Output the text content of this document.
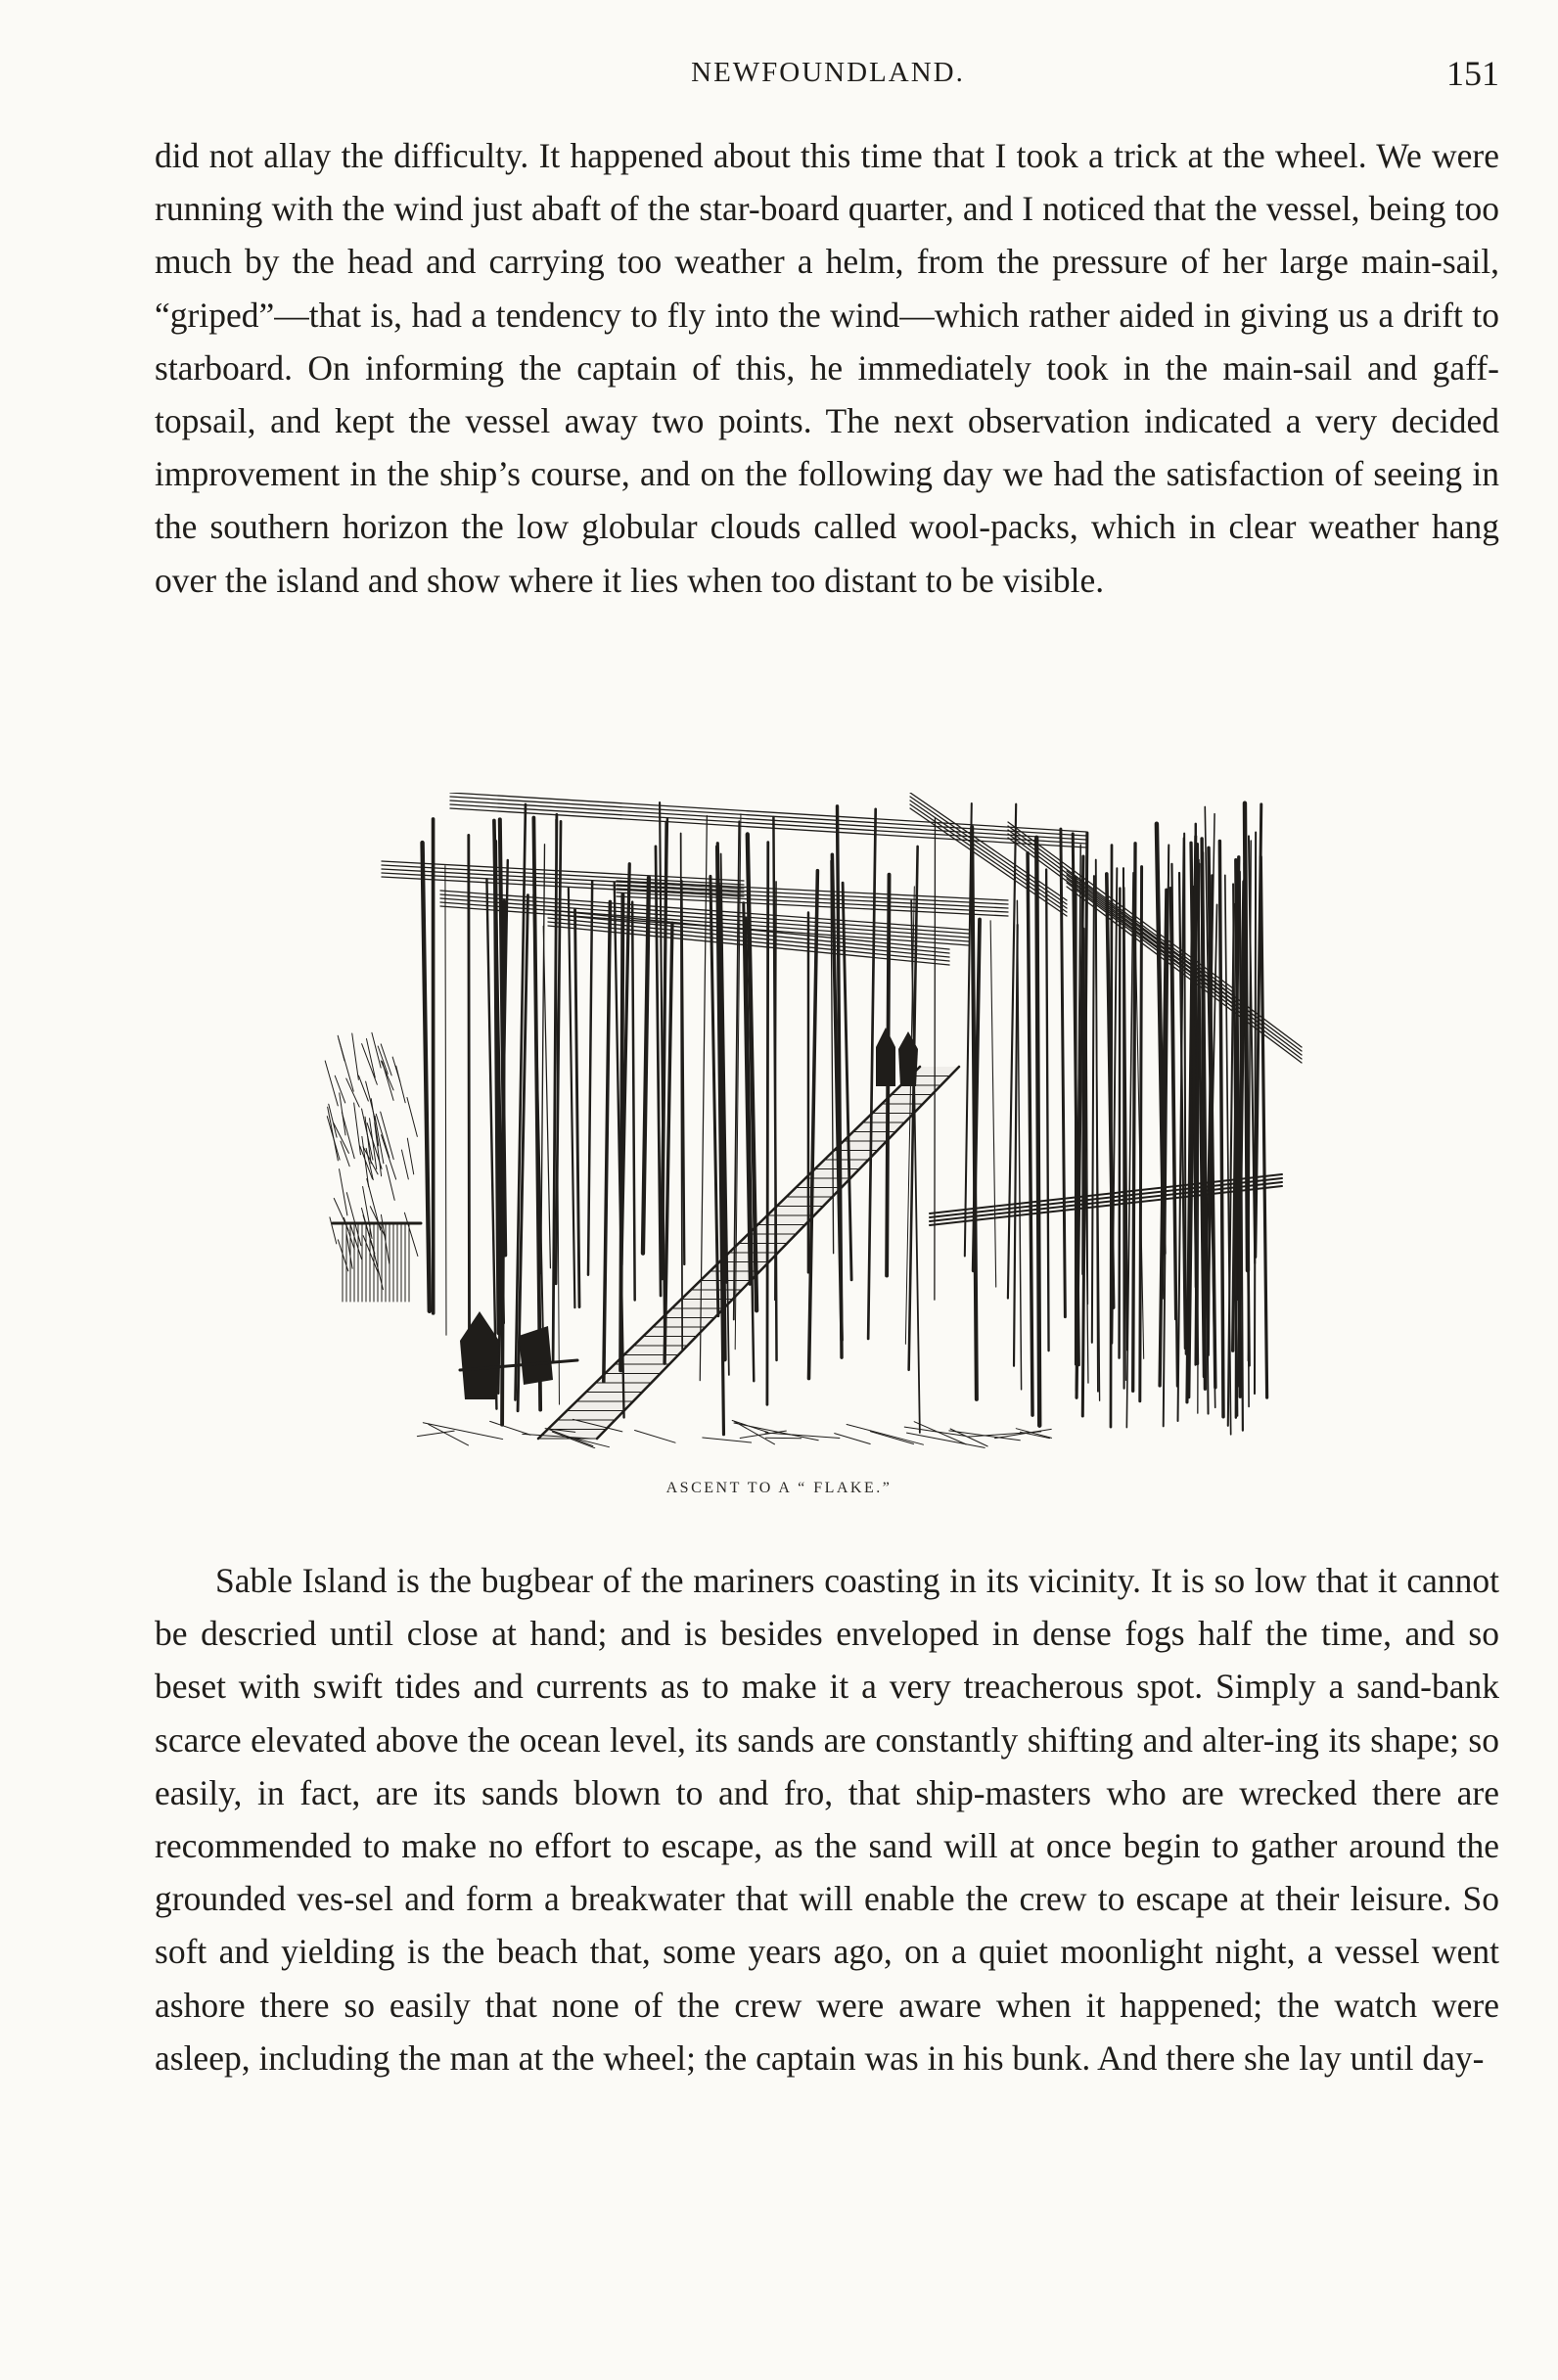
NEWFOUNDLAND.	151

did not allay the difficulty. It happened about this time that I took a trick at the wheel. We were running with the wind just abaft of the star-board quarter, and I noticed that the vessel, being too much by the head and carrying too weather a helm, from the pressure of her large main-sail, “griped”—that is, had a tendency to fly into the wind—which rather aided in giving us a drift to starboard. On informing the captain of this, he immediately took in the main-sail and gaff-topsail, and kept the vessel away two points. The next observation indicated a very decided improvement in the ship’s course, and on the following day we had the satisfaction of seeing in the southern horizon the low globular clouds called wool-packs, which in clear weather hang over the island and show where it lies when too distant to be visible.

ASCENT TO A “ FLAKE.”

Sable Island is the bugbear of the mariners coasting in its vicinity. It is so low that it cannot be descried until close at hand; and is besides enveloped in dense fogs half the time, and so beset with swift tides and currents as to make it a very treacherous spot. Simply a sand-bank scarce elevated above the ocean level, its sands are constantly shifting and alter-ing its shape; so easily, in fact, are its sands blown to and fro, that ship-masters who are wrecked there are recommended to make no effort to escape, as the sand will at once begin to gather around the grounded ves-sel and form a breakwater that will enable the crew to escape at their leisure. So soft and yielding is the beach that, some years ago, on a quiet moonlight night, a vessel went ashore there so easily that none of the crew were aware when it happened; the watch were asleep, including the man at the wheel; the captain was in his bunk. And there she lay until day-
